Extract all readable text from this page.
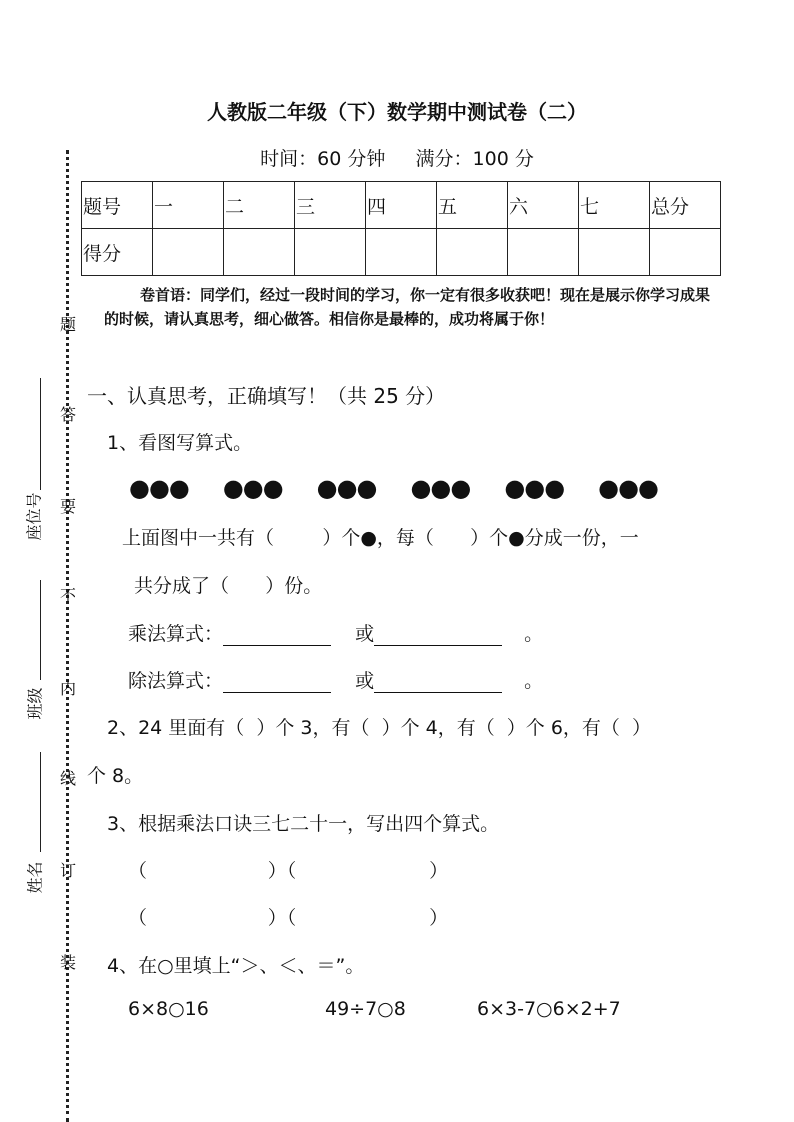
人教版二年级（下）数学期中测试卷（二）
时间：60 分钟     满分：100 分
题号	一	二	三	四	五	六	七	总分
得分								
卷首语：同学们，经过一段时间的学习，你一定有很多收获吧！现在是展示你学习成果的时候，请认真思考，细心做答。相信你是最棒的，成功将属于你！
一、认真思考，正确填写！（共 25 分）
1、看图写算式。
●●● ●●● ●●● ●●● ●●● ●●●
上面图中一共有（        ）个●，每（      ）个●分成一份，一
共分成了（      ）份。
乘法算式：	或	。
除法算式：	或	。
2、24 里面有（  ）个 3，有（  ）个 4，有（  ）个 6，有（  ）
个 8。
3、根据乘法口诀三七二十一，写出四个算式。
（                    ）（                      ）
（                    ）（                      ）
4、在○里填上“＞、＜、＝”。
6×8○16	49÷7○8	6×3-7○6×2+7
题
答
要
不
内
线
订
装
座位号
班级
姓名
